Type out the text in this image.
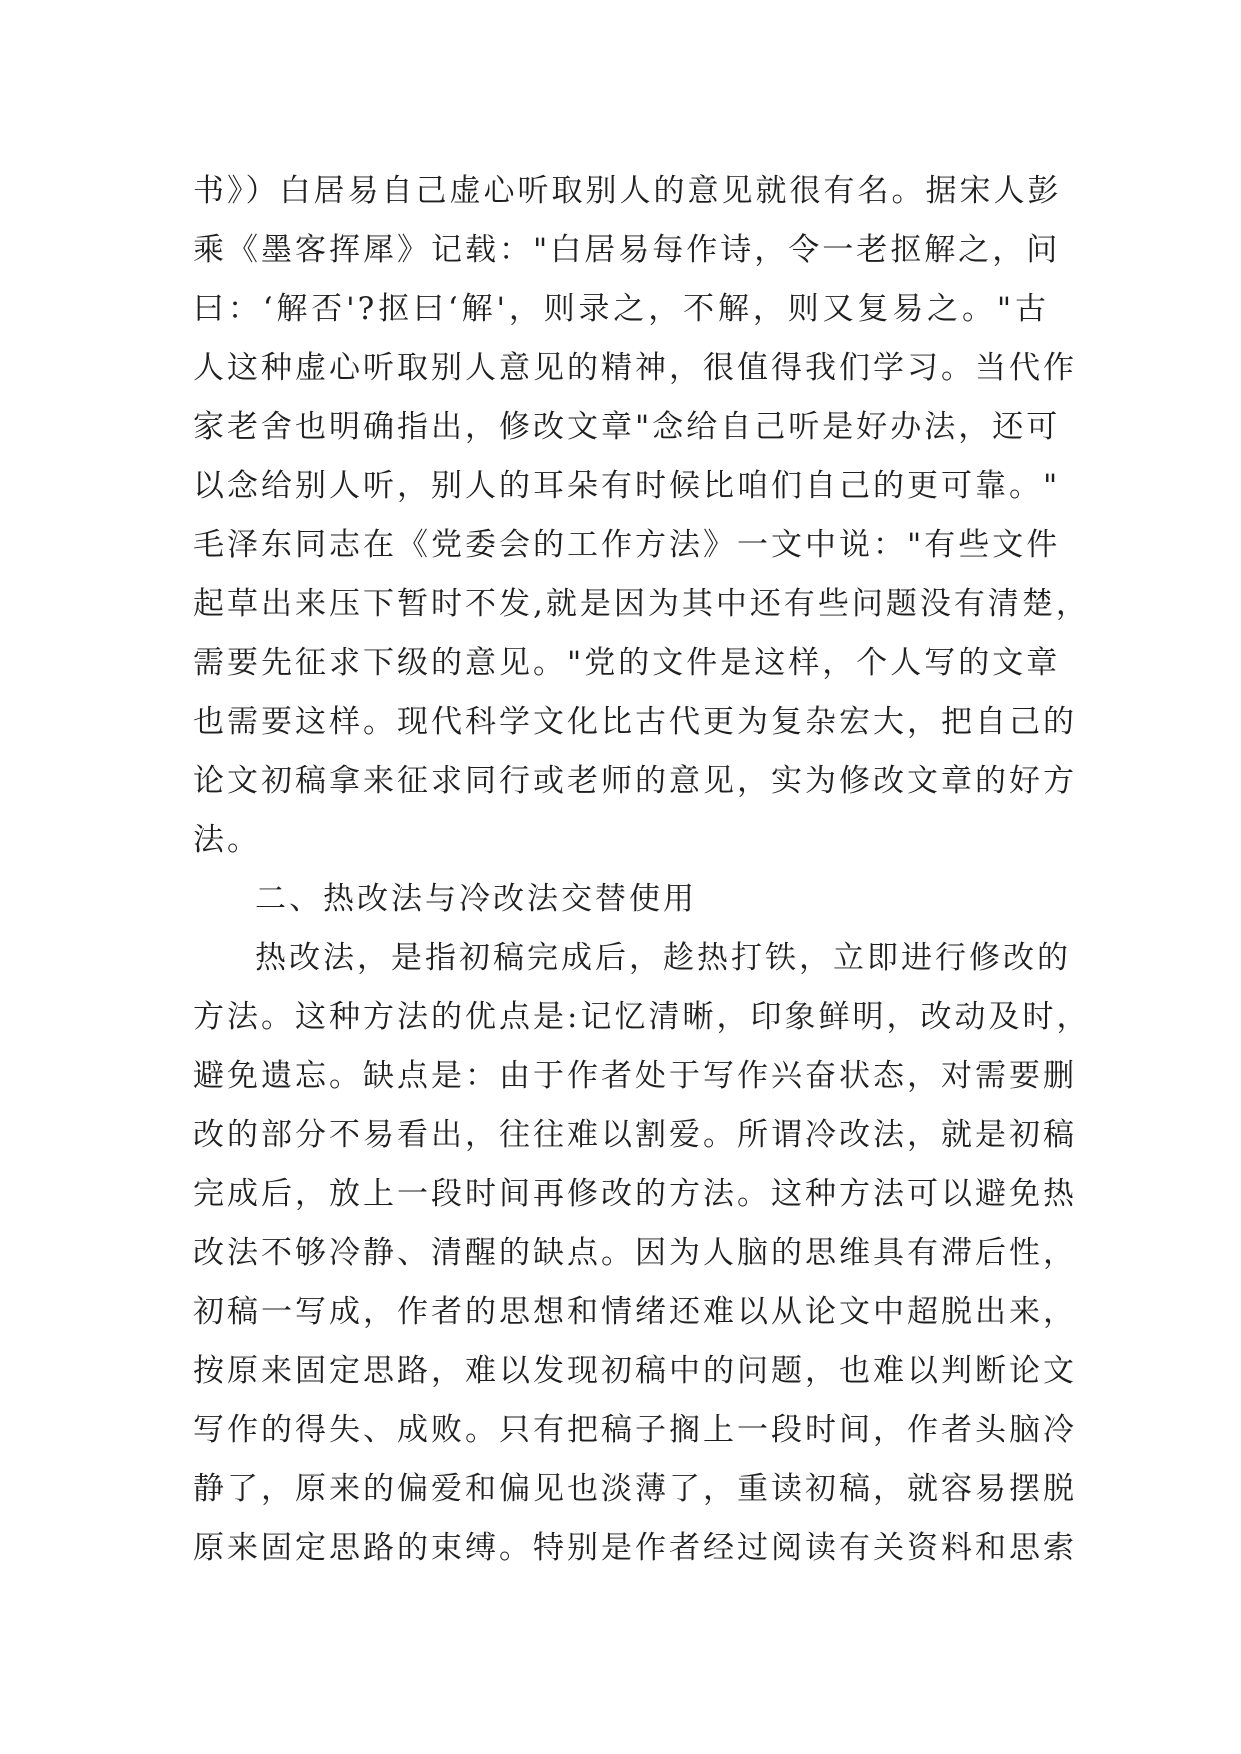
书》）白居易自己虚心听取别人的意见就很有名。据宋人彭
乘《墨客挥犀》记载："白居易每作诗，令一老抠解之，问
曰：‘解否'?抠曰‘解'，则录之，不解，则又复易之。"古
人这种虚心听取别人意见的精神，很值得我们学习。当代作
家老舍也明确指出，修改文章"念给自己听是好办法，还可
以念给别人听，别人的耳朵有时候比咱们自己的更可靠。"
毛泽东同志在《党委会的工作方法》一文中说："有些文件
起草出来压下暂时不发,就是因为其中还有些问题没有清楚，
需要先征求下级的意见。"党的文件是这样，个人写的文章
也需要这样。现代科学文化比古代更为复杂宏大，把自己的
论文初稿拿来征求同行或老师的意见，实为修改文章的好方
法。
二、热改法与冷改法交替使用
热改法，是指初稿完成后，趁热打铁，立即进行修改的
方法。这种方法的优点是:记忆清晰，印象鲜明，改动及时，
避免遗忘。缺点是：由于作者处于写作兴奋状态，对需要删
改的部分不易看出，往往难以割爱。所谓冷改法，就是初稿
完成后，放上一段时间再修改的方法。这种方法可以避免热
改法不够冷静、清醒的缺点。因为人脑的思维具有滞后性，
初稿一写成，作者的思想和情绪还难以从论文中超脱出来，
按原来固定思路，难以发现初稿中的问题，也难以判断论文
写作的得失、成败。只有把稿子搁上一段时间，作者头脑冷
静了，原来的偏爱和偏见也淡薄了，重读初稿，就容易摆脱
原来固定思路的束缚。特别是作者经过阅读有关资料和思索
